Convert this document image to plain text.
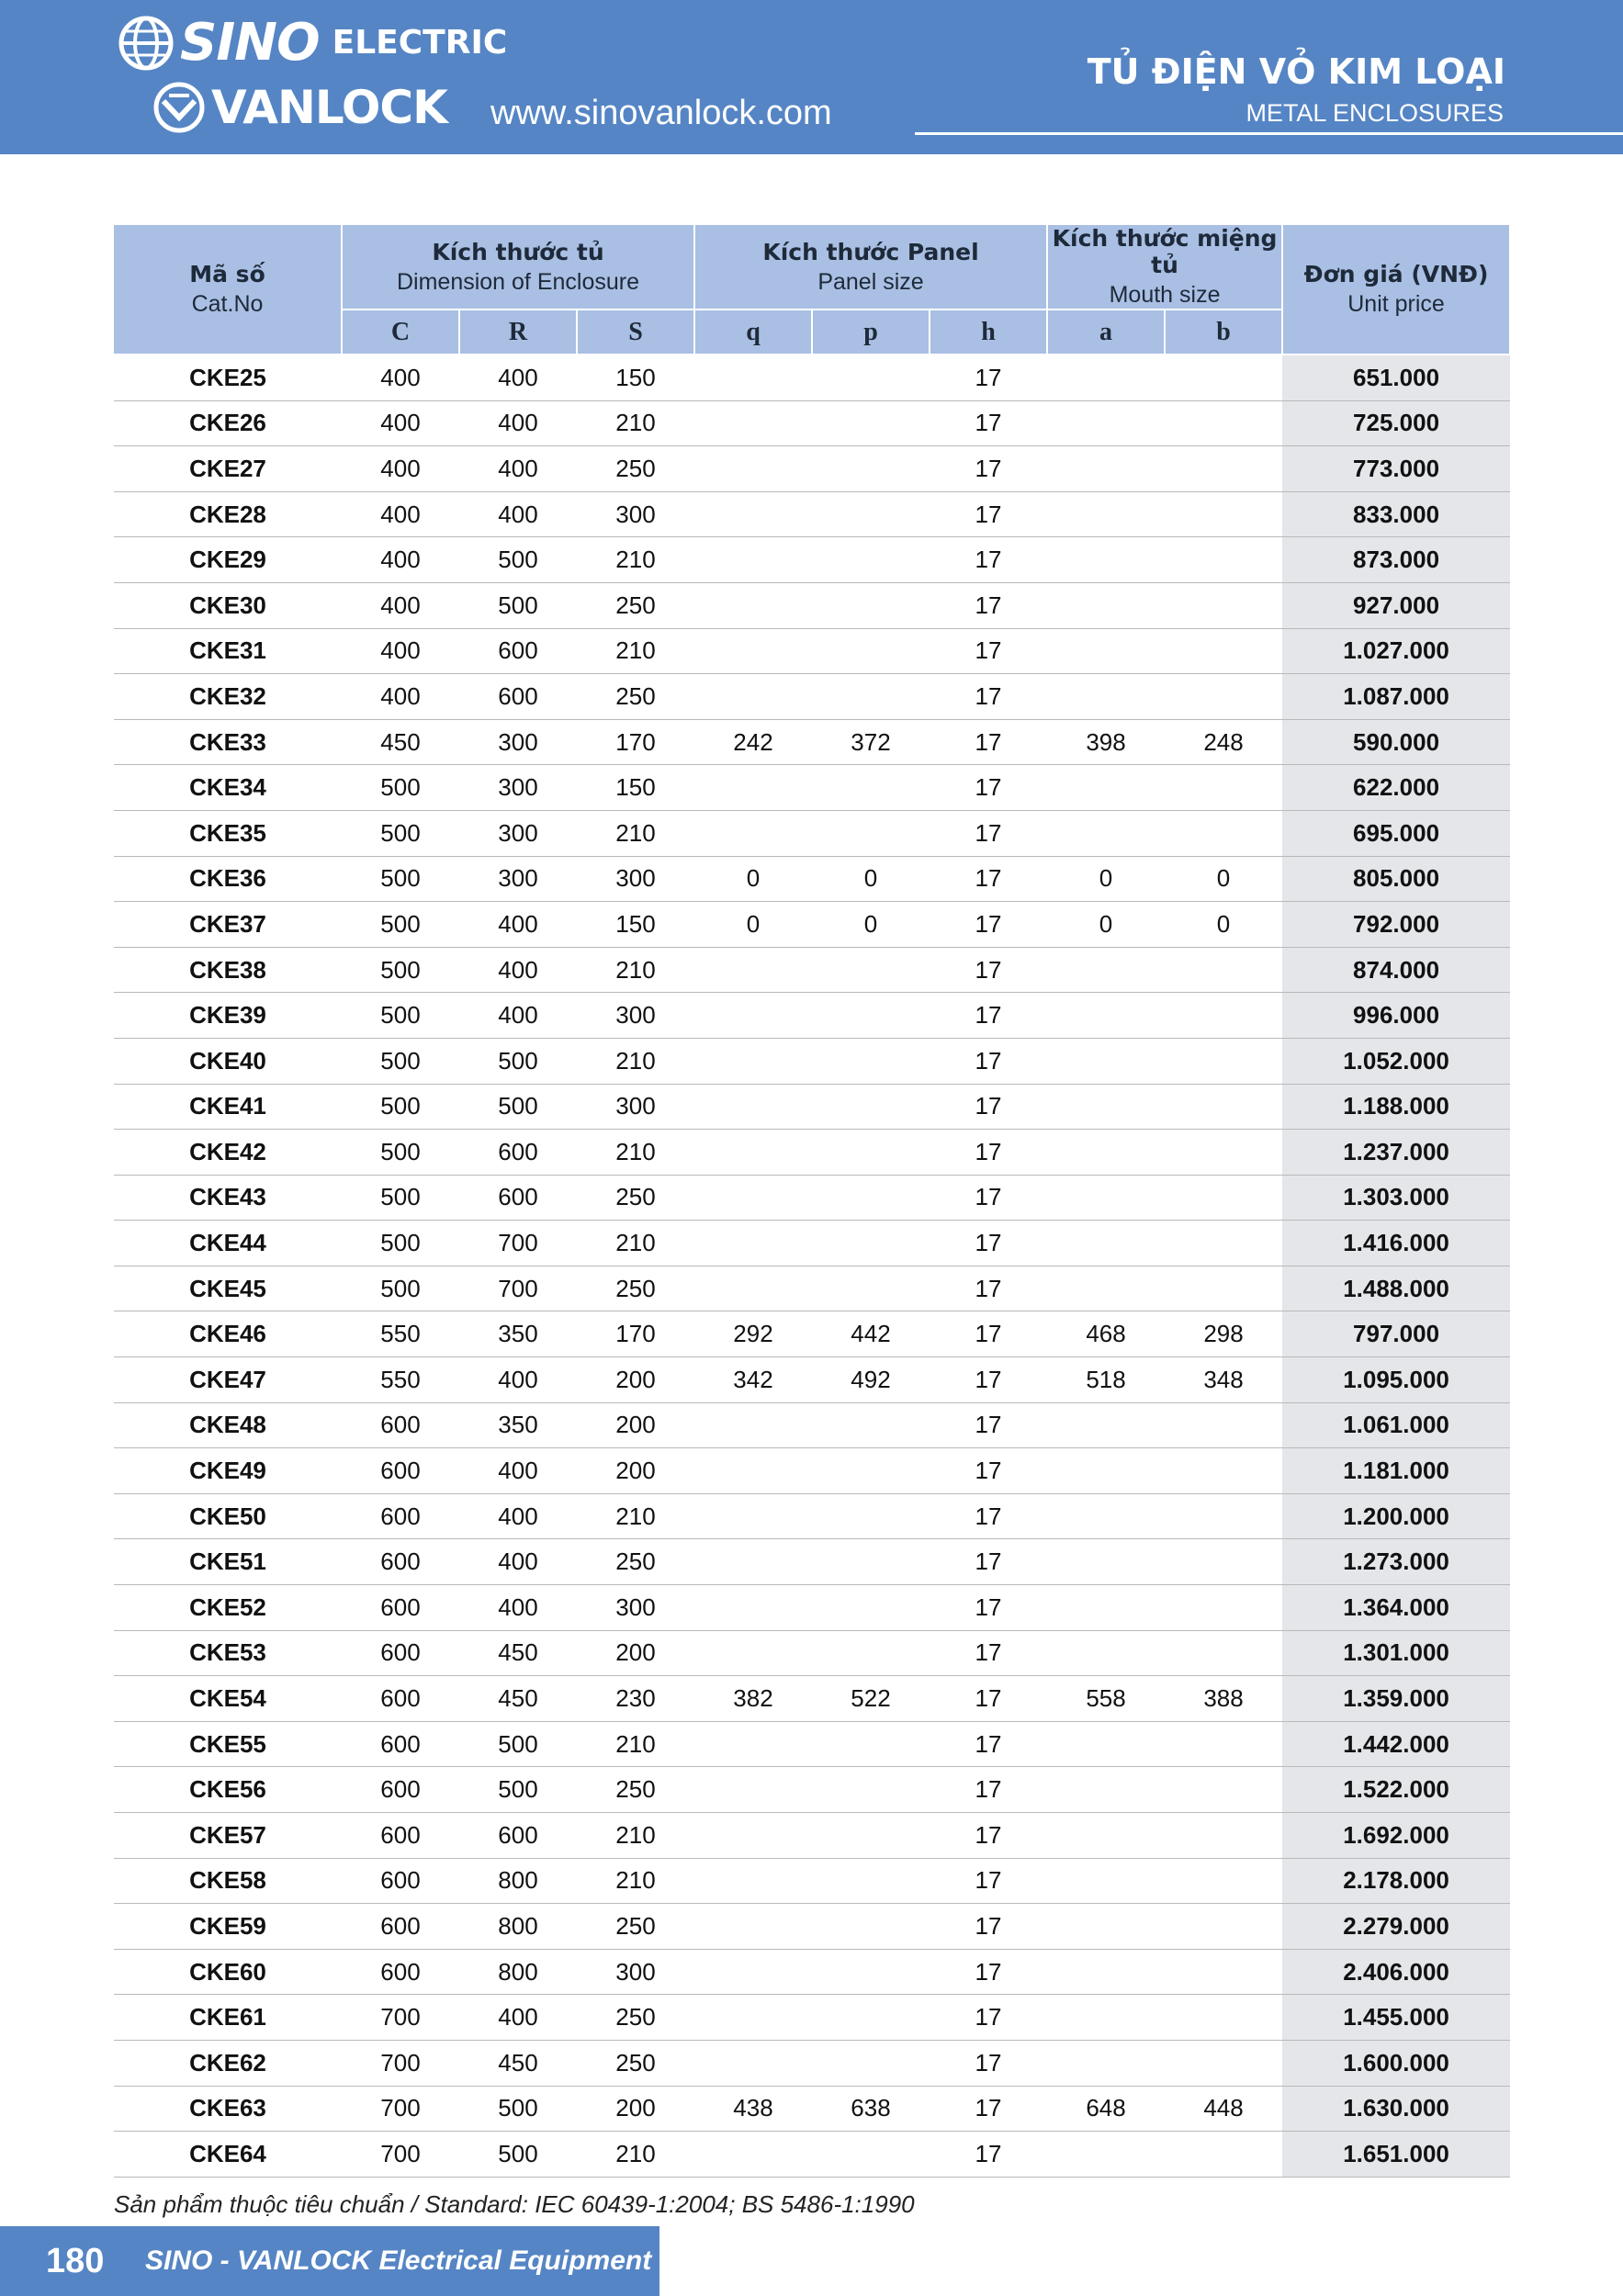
SINO ELECTRIC
VANLOCK www.sinovanlock.com
TỦ ĐIỆN VỎ KIM LOẠI
METAL ENCLOSURES
Mã số
Cat.No	Kích thước tủ
Dimension of Enclosure			Kích thước Panel
Panel size			Kích thước miệng tủ
Mouth size		Đơn giá (VNĐ)
Unit price

	C	R	S	q	p	h	a	b	
CKE25	400	400	150			17			651.000
CKE26	400	400	210			17			725.000
CKE27	400	400	250			17			773.000
CKE28	400	400	300			17			833.000
CKE29	400	500	210			17			873.000
CKE30	400	500	250			17			927.000
CKE31	400	600	210			17			1.027.000
CKE32	400	600	250			17			1.087.000
CKE33	450	300	170	242	372	17	398	248	590.000
CKE34	500	300	150			17			622.000
CKE35	500	300	210			17			695.000
CKE36	500	300	300	0	0	17	0	0	805.000
CKE37	500	400	150	0	0	17	0	0	792.000
CKE38	500	400	210			17			874.000
CKE39	500	400	300			17			996.000
CKE40	500	500	210			17			1.052.000
CKE41	500	500	300			17			1.188.000
CKE42	500	600	210			17			1.237.000
CKE43	500	600	250			17			1.303.000
CKE44	500	700	210			17			1.416.000
CKE45	500	700	250			17			1.488.000
CKE46	550	350	170	292	442	17	468	298	797.000
CKE47	550	400	200	342	492	17	518	348	1.095.000
CKE48	600	350	200			17			1.061.000
CKE49	600	400	200			17			1.181.000
CKE50	600	400	210			17			1.200.000
CKE51	600	400	250			17			1.273.000
CKE52	600	400	300			17			1.364.000
CKE53	600	450	200			17			1.301.000
CKE54	600	450	230	382	522	17	558	388	1.359.000
CKE55	600	500	210			17			1.442.000
CKE56	600	500	250			17			1.522.000
CKE57	600	600	210			17			1.692.000
CKE58	600	800	210			17			2.178.000
CKE59	600	800	250			17			2.279.000
CKE60	600	800	300			17			2.406.000
CKE61	700	400	250			17			1.455.000
CKE62	700	450	250			17			1.600.000
CKE63	700	500	200	438	638	17	648	448	1.630.000
CKE64	700	500	210			17			1.651.000
Sản phẩm thuộc tiêu chuẩn / Standard: IEC 60439-1:2004; BS 5486-1:1990
180	SINO - VANLOCK Electrical Equipment
